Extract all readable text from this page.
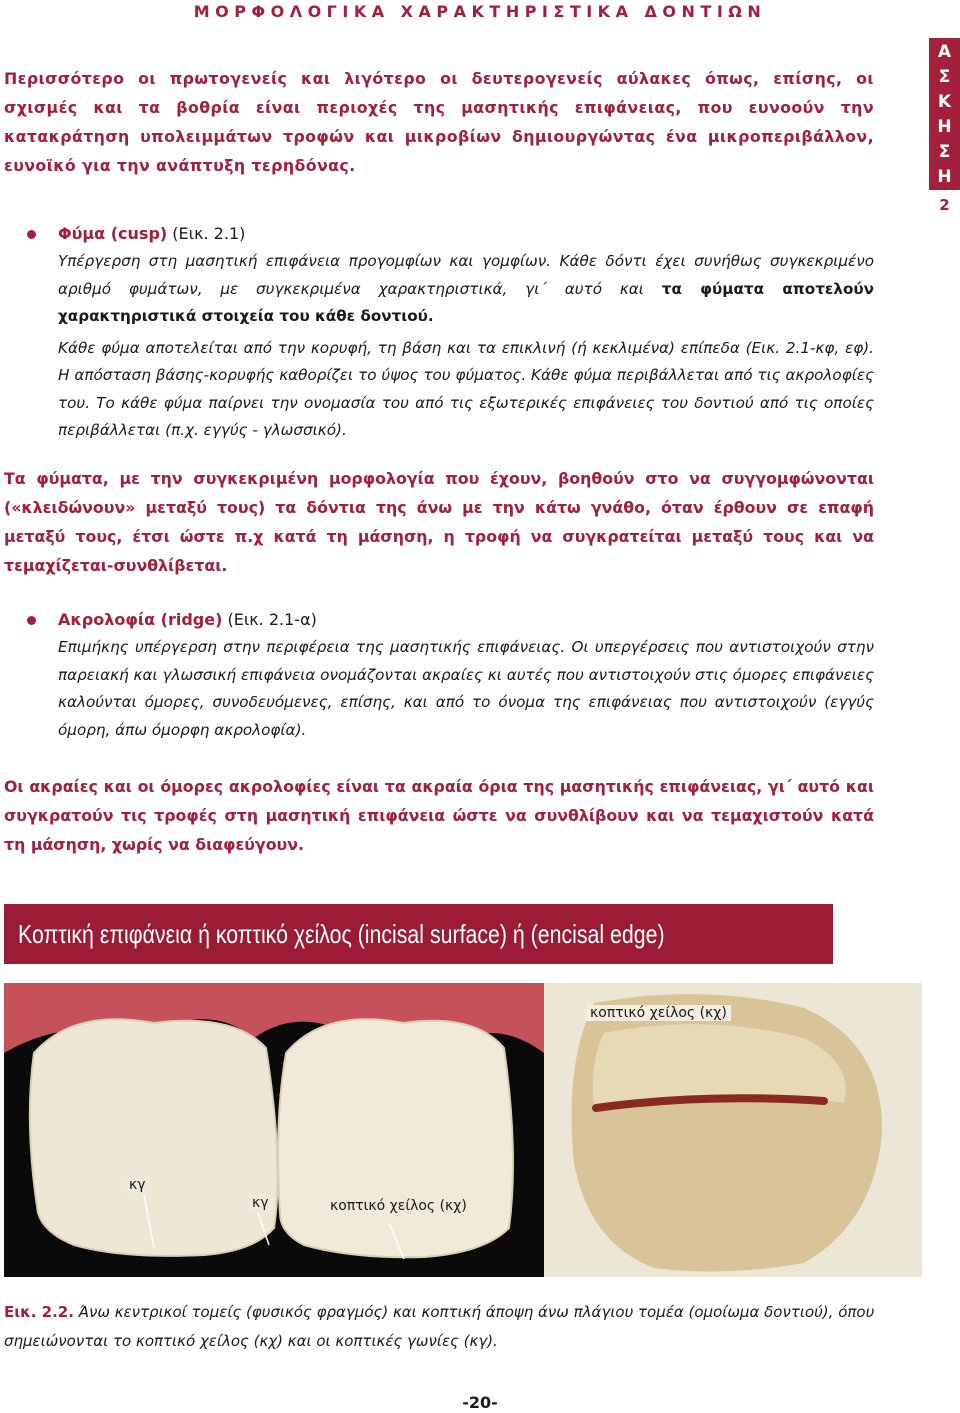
ΜΟΡΦΟΛΟΓΙΚΑ ΧΑΡΑΚΤΗΡΙΣΤΙΚΑ ΔΟΝΤΙΩΝ
Α
Σ
Κ
Η
Σ
Η
2

Περισσότερο οι πρωτογενείς και λιγότερο οι δευτερογενείς αύλακες όπως, επίσης, οι σχισμές και τα βοθρία είναι περιοχές της μασητικής επιφάνειας, που ευνοούν την κατακράτηση υπολειμμάτων τροφών και μικροβίων δημιουργώντας ένα μικροπεριβάλλον, ευνοϊκό για την ανάπτυξη τερηδόνας.

Φύμα (cusp) (Εικ. 2.1)
Υπέργερση στη μασητική επιφάνεια προγομφίων και γομφίων. Κάθε δόντι έχει συνήθως συγκεκριμένο αριθμό φυμάτων, με συγκεκριμένα χαρακτηριστικά, γι΄ αυτό και τα φύματα αποτελούν χαρακτηριστικά στοιχεία του κάθε δοντιού.
Κάθε φύμα αποτελείται από την κορυφή, τη βάση και τα επικλινή (ή κεκλιμένα) επίπεδα (Εικ. 2.1-κφ, εφ). Η απόσταση βάσης-κορυφής καθορίζει το ύψος του φύματος. Κάθε φύμα περιβάλλεται από τις ακρολοφίες του. Το κάθε φύμα παίρνει την ονομασία του από τις εξωτερικές επιφάνειες του δοντιού από τις οποίες περιβάλλεται (π.χ. εγγύς - γλωσσικό).

Τα φύματα, με την συγκεκριμένη μορφολογία που έχουν, βοηθούν στο να συγγομφώνονται («κλειδώνουν» μεταξύ τους) τα δόντια της άνω με την κάτω γνάθο, όταν έρθουν σε επαφή μεταξύ τους, έτσι ώστε π.χ κατά τη μάσηση, η τροφή να συγκρατείται μεταξύ τους και να τεμαχίζεται-συνθλίβεται.

Ακρολοφία (ridge) (Εικ. 2.1-α)
Επιμήκης υπέργερση στην περιφέρεια της μασητικής επιφάνειας. Οι υπεργέρσεις που αντιστοιχούν στην παρειακή και γλωσσική επιφάνεια ονομάζονται ακραίες κι αυτές που αντιστοιχούν στις όμορες επιφάνειες καλούνται όμορες, συνοδευόμενες, επίσης, και από το όνομα της επιφάνειας που αντιστοιχούν (εγγύς όμορη, άπω όμορφη ακρολοφία).

Οι ακραίες και οι όμορες ακρολοφίες είναι τα ακραία όρια της μασητικής επιφάνειας, γι΄ αυτό και συγκρατούν τις τροφές στη μασητική επιφάνεια ώστε να συνθλίβουν και να τεμαχιστούν κατά τη μάσηση, χωρίς να διαφεύγουν.

Κοπτική επιφάνεια ή κοπτικό χείλος (incisal surface) ή (encisal edge)
κγ
κγ	κοπτικό χείλος (κχ)
κοπτικό χείλος (κχ)
Εικ. 2.2. Άνω κεντρικοί τομείς (φυσικός φραγμός) και κοπτική άποψη άνω πλάγιου τομέα (ομοίωμα δοντιού), όπου σημειώνονται το κοπτικό χείλος (κχ) και οι κοπτικές γωνίες (κγ).
-20-
